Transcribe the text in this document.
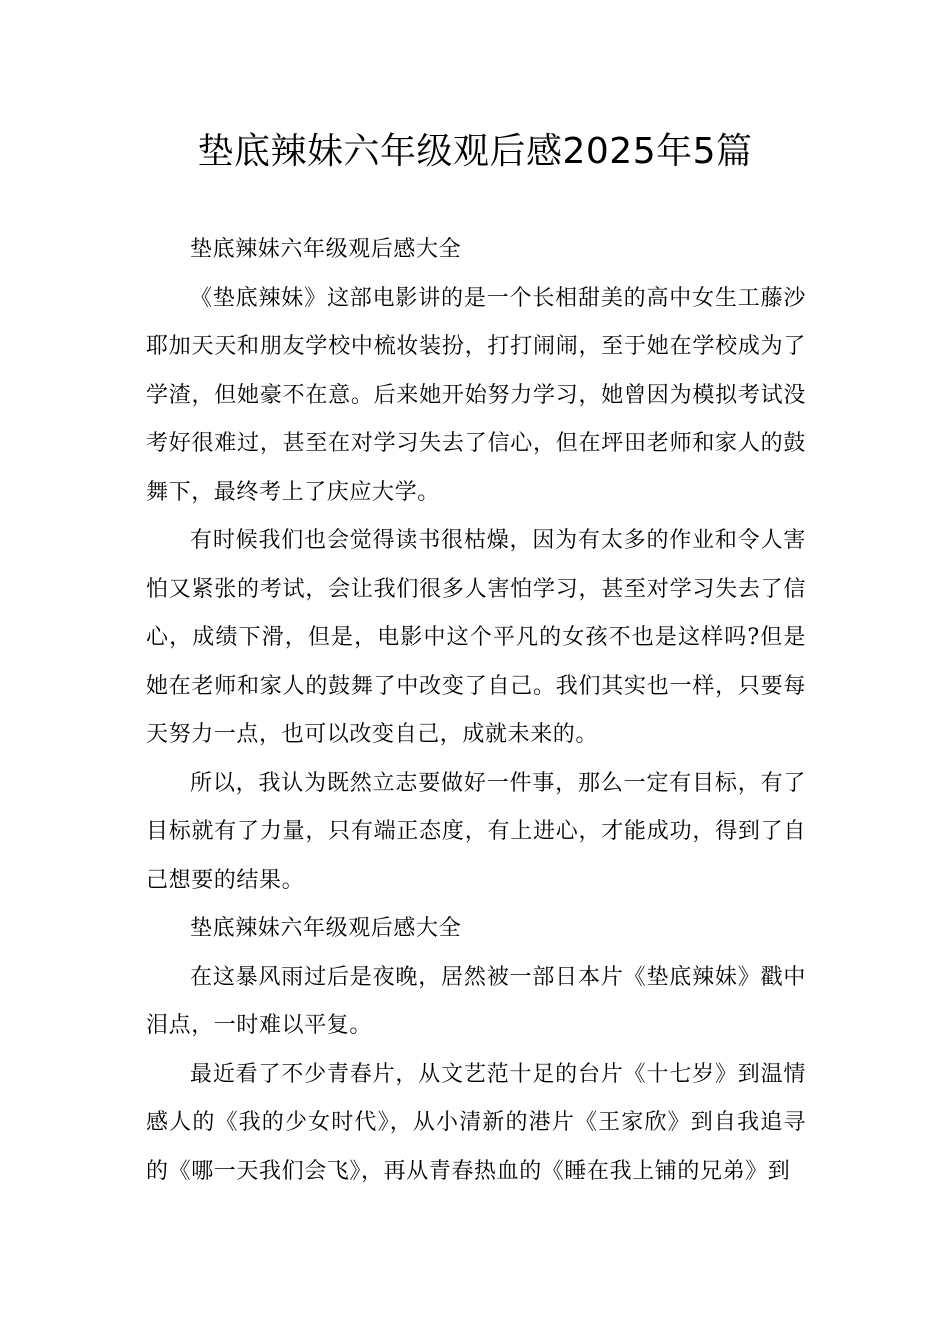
垫底辣妹六年级观后感2025年5篇

垫底辣妹六年级观后感大全

《垫底辣妹》这部电影讲的是一个长相甜美的高中女生工藤沙耶加天天和朋友学校中梳妆装扮，打打闹闹，至于她在学校成为了学渣，但她豪不在意。后来她开始努力学习，她曾因为模拟考试没考好很难过，甚至在对学习失去了信心，但在坪田老师和家人的鼓舞下，最终考上了庆应大学。

有时候我们也会觉得读书很枯燥，因为有太多的作业和令人害怕又紧张的考试，会让我们很多人害怕学习，甚至对学习失去了信心，成绩下滑，但是，电影中这个平凡的女孩不也是这样吗?但是她在老师和家人的鼓舞了中改变了自己。我们其实也一样，只要每天努力一点，也可以改变自己，成就未来的。

所以，我认为既然立志要做好一件事，那么一定有目标，有了目标就有了力量，只有端正态度，有上进心，才能成功，得到了自己想要的结果。

垫底辣妹六年级观后感大全

在这暴风雨过后是夜晚，居然被一部日本片《垫底辣妹》戳中泪点，一时难以平复。

最近看了不少青春片，从文艺范十足的台片《十七岁》到温情感人的《我的少女时代》，从小清新的港片《王家欣》到自我追寻的《哪一天我们会飞》，再从青春热血的《睡在我上铺的兄弟》到
